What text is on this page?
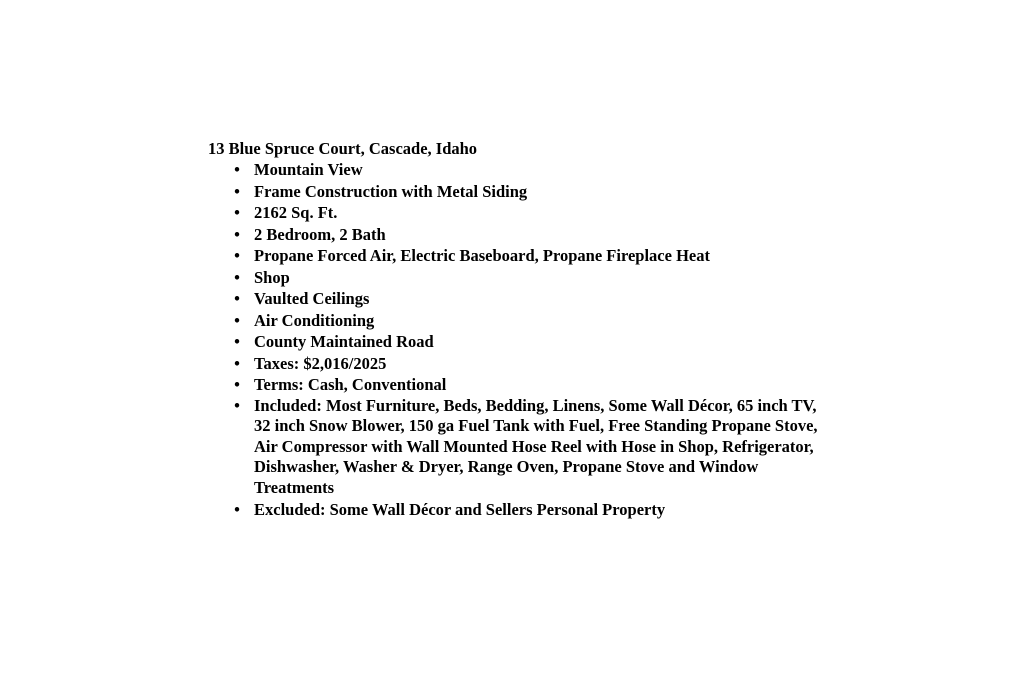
13 Blue Spruce Court, Cascade, Idaho

• Mountain View
• Frame Construction with Metal Siding
• 2162 Sq. Ft.
• 2 Bedroom, 2 Bath
• Propane Forced Air, Electric Baseboard, Propane Fireplace Heat
• Shop
• Vaulted Ceilings
• Air Conditioning
• County Maintained Road
• Taxes: $2,016/2025
• Terms: Cash, Conventional
• Included: Most Furniture, Beds, Bedding, Linens, Some Wall Décor, 65 inch TV, 32 inch Snow Blower, 150 ga Fuel Tank with Fuel, Free Standing Propane Stove, Air Compressor with Wall Mounted Hose Reel with Hose in Shop, Refrigerator, Dishwasher, Washer & Dryer, Range Oven, Propane Stove and Window Treatments
• Excluded: Some Wall Décor and Sellers Personal Property
